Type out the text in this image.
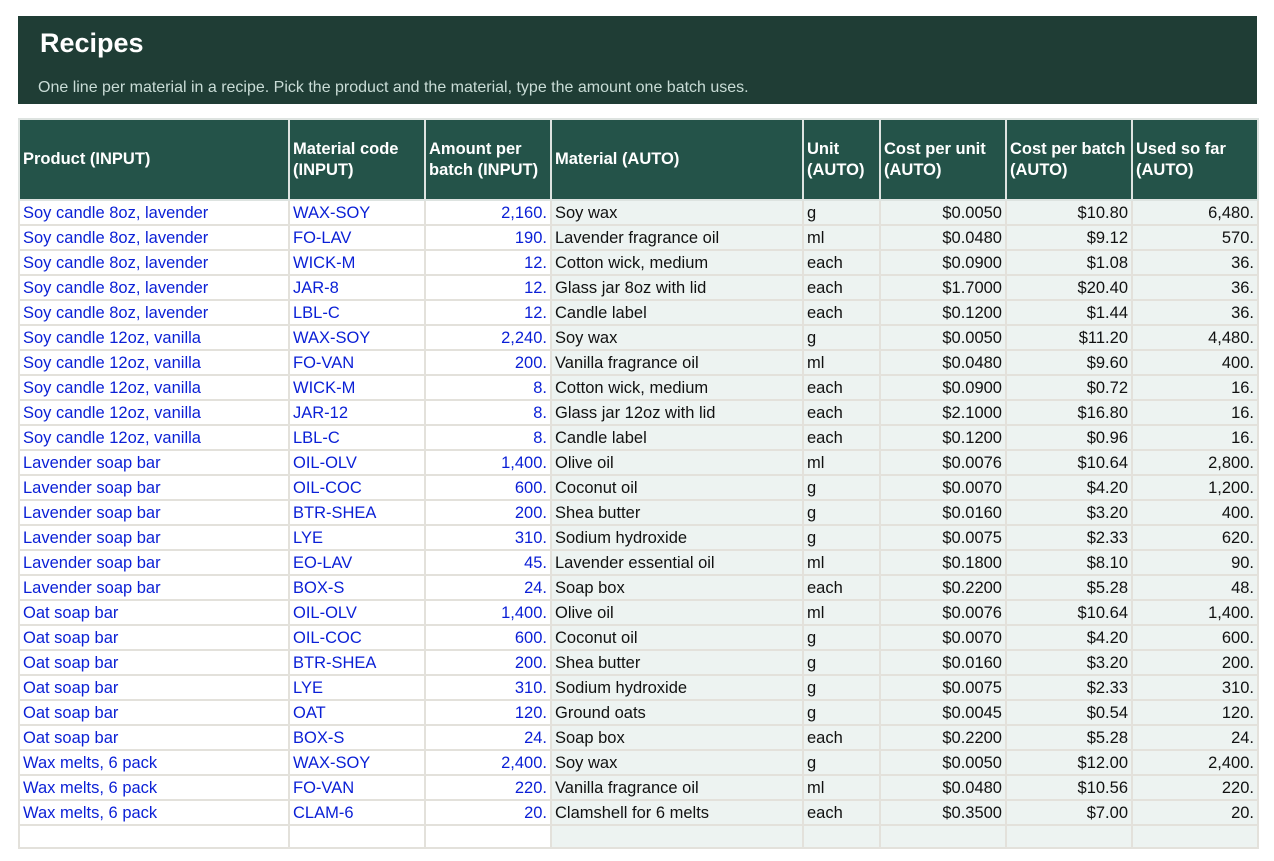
Recipes
One line per material in a recipe. Pick the product and the material, type the amount one batch uses.
Product (INPUT)	Material code (INPUT)	Amount per batch (INPUT)	Material (AUTO)	Unit (AUTO)	Cost per unit (AUTO)	Cost per batch (AUTO)	Used so far (AUTO)
Soy candle 8oz, lavender	WAX-SOY	2,160.	Soy wax	g	$0.0050	$10.80	6,480.
Soy candle 8oz, lavender	FO-LAV	190.	Lavender fragrance oil	ml	$0.0480	$9.12	570.
Soy candle 8oz, lavender	WICK-M	12.	Cotton wick, medium	each	$0.0900	$1.08	36.
Soy candle 8oz, lavender	JAR-8	12.	Glass jar 8oz with lid	each	$1.7000	$20.40	36.
Soy candle 8oz, lavender	LBL-C	12.	Candle label	each	$0.1200	$1.44	36.
Soy candle 12oz, vanilla	WAX-SOY	2,240.	Soy wax	g	$0.0050	$11.20	4,480.
Soy candle 12oz, vanilla	FO-VAN	200.	Vanilla fragrance oil	ml	$0.0480	$9.60	400.
Soy candle 12oz, vanilla	WICK-M	8.	Cotton wick, medium	each	$0.0900	$0.72	16.
Soy candle 12oz, vanilla	JAR-12	8.	Glass jar 12oz with lid	each	$2.1000	$16.80	16.
Soy candle 12oz, vanilla	LBL-C	8.	Candle label	each	$0.1200	$0.96	16.
Lavender soap bar	OIL-OLV	1,400.	Olive oil	ml	$0.0076	$10.64	2,800.
Lavender soap bar	OIL-COC	600.	Coconut oil	g	$0.0070	$4.20	1,200.
Lavender soap bar	BTR-SHEA	200.	Shea butter	g	$0.0160	$3.20	400.
Lavender soap bar	LYE	310.	Sodium hydroxide	g	$0.0075	$2.33	620.
Lavender soap bar	EO-LAV	45.	Lavender essential oil	ml	$0.1800	$8.10	90.
Lavender soap bar	BOX-S	24.	Soap box	each	$0.2200	$5.28	48.
Oat soap bar	OIL-OLV	1,400.	Olive oil	ml	$0.0076	$10.64	1,400.
Oat soap bar	OIL-COC	600.	Coconut oil	g	$0.0070	$4.20	600.
Oat soap bar	BTR-SHEA	200.	Shea butter	g	$0.0160	$3.20	200.
Oat soap bar	LYE	310.	Sodium hydroxide	g	$0.0075	$2.33	310.
Oat soap bar	OAT	120.	Ground oats	g	$0.0045	$0.54	120.
Oat soap bar	BOX-S	24.	Soap box	each	$0.2200	$5.28	24.
Wax melts, 6 pack	WAX-SOY	2,400.	Soy wax	g	$0.0050	$12.00	2,400.
Wax melts, 6 pack	FO-VAN	220.	Vanilla fragrance oil	ml	$0.0480	$10.56	220.
Wax melts, 6 pack	CLAM-6	20.	Clamshell for 6 melts	each	$0.3500	$7.00	20.
